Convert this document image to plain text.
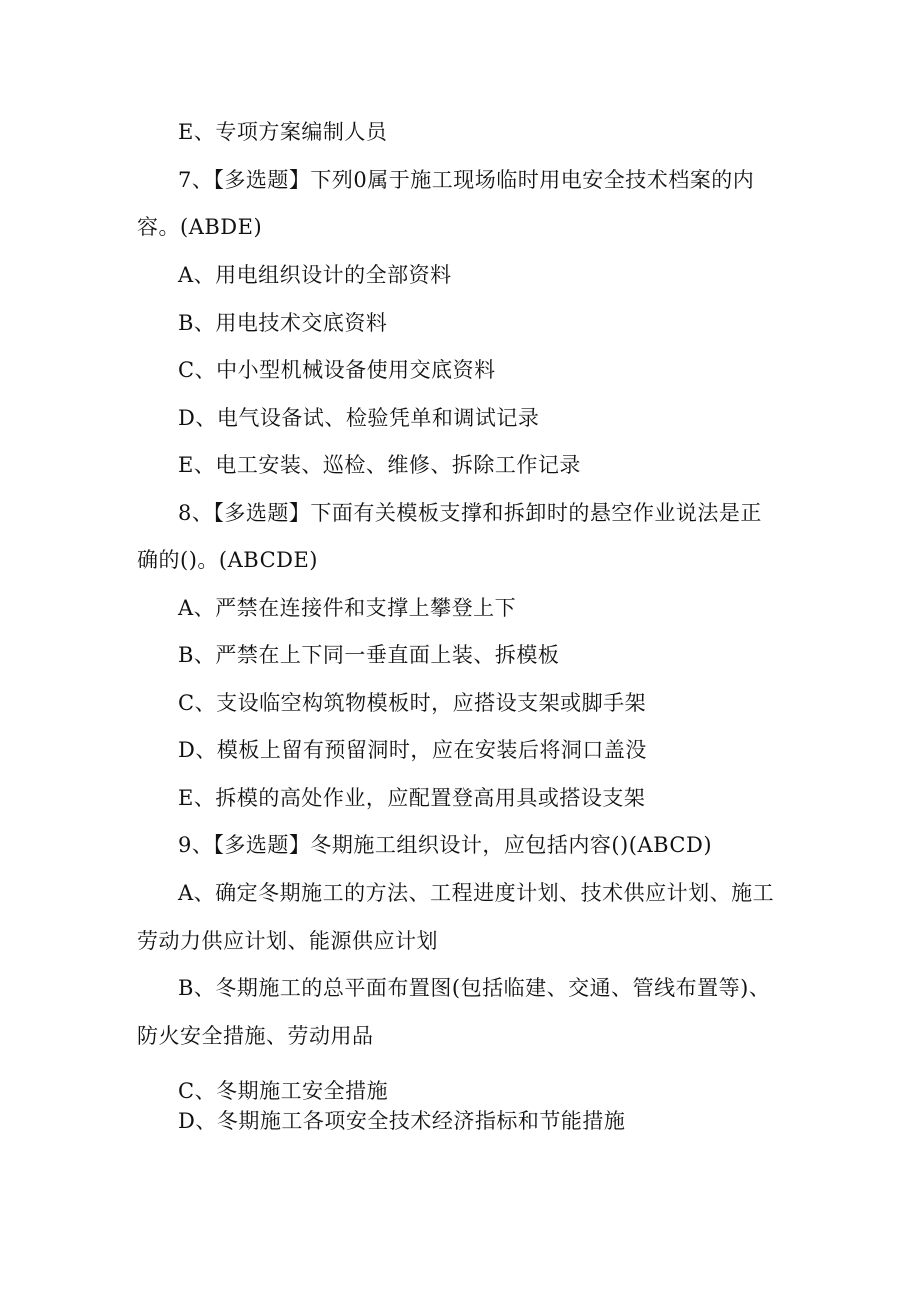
E、专项方案编制人员
7、【多选题】下列0属于施工现场临时用电安全技术档案的内
容。(ABDE)
A、用电组织设计的全部资料
B、用电技术交底资料
C、中小型机械设备使用交底资料
D、电气设备试、检验凭单和调试记录
E、电工安装、巡检、维修、拆除工作记录
8、【多选题】下面有关模板支撑和拆卸时的悬空作业说法是正
确的()。(ABCDE)
A、严禁在连接件和支撑上攀登上下
B、严禁在上下同一垂直面上装、拆模板
C、支设临空构筑物模板时，应搭设支架或脚手架
D、模板上留有预留洞时，应在安装后将洞口盖没
E、拆模的高处作业，应配置登高用具或搭设支架
9、【多选题】冬期施工组织设计，应包括内容()(ABCD)
A、确定冬期施工的方法、工程进度计划、技术供应计划、施工
劳动力供应计划、能源供应计划
B、冬期施工的总平面布置图(包括临建、交通、管线布置等)、
防火安全措施、劳动用品
C、冬期施工安全措施
D、冬期施工各项安全技术经济指标和节能措施
